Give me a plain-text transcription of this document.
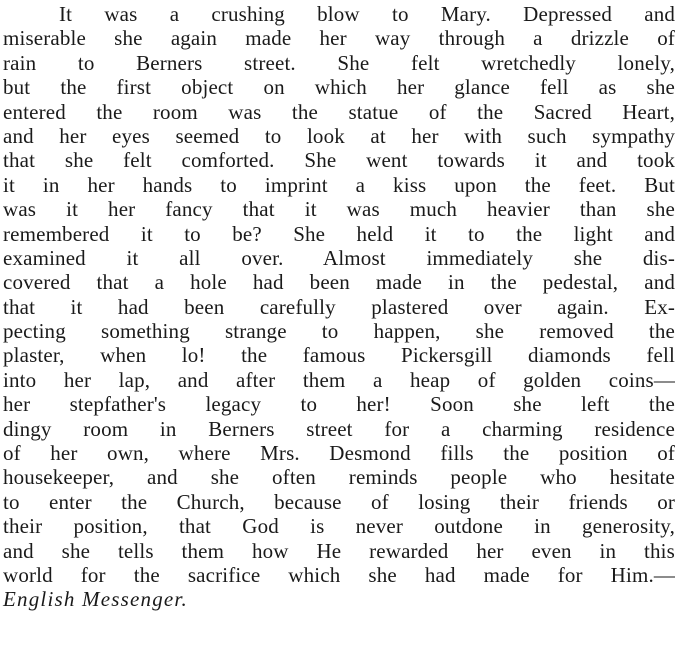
It was a crushing blow to Mary. Depressed and
miserable she again made her way through a drizzle of
rain to Berners street. She felt wretchedly lonely,
but the first object on which her glance fell as she
entered the room was the statue of the Sacred Heart,
and her eyes seemed to look at her with such sympathy
that she felt comforted. She went towards it and took
it in her hands to imprint a kiss upon the feet. But
was it her fancy that it was much heavier than she
remembered it to be? She held it to the light and
examined it all over. Almost immediately she dis-
covered that a hole had been made in the pedestal, and
that it had been carefully plastered over again. Ex-
pecting something strange to happen, she removed the
plaster, when lo! the famous Pickersgill diamonds fell
into her lap, and after them a heap of golden coins—
her stepfather's legacy to her! Soon she left the
dingy room in Berners street for a charming residence
of her own, where Mrs. Desmond fills the position of
housekeeper, and she often reminds people who hesitate
to enter the Church, because of losing their friends or
their position, that God is never outdone in generosity,
and she tells them how He rewarded her even in this
world for the sacrifice which she had made for Him.—
English Messenger.
